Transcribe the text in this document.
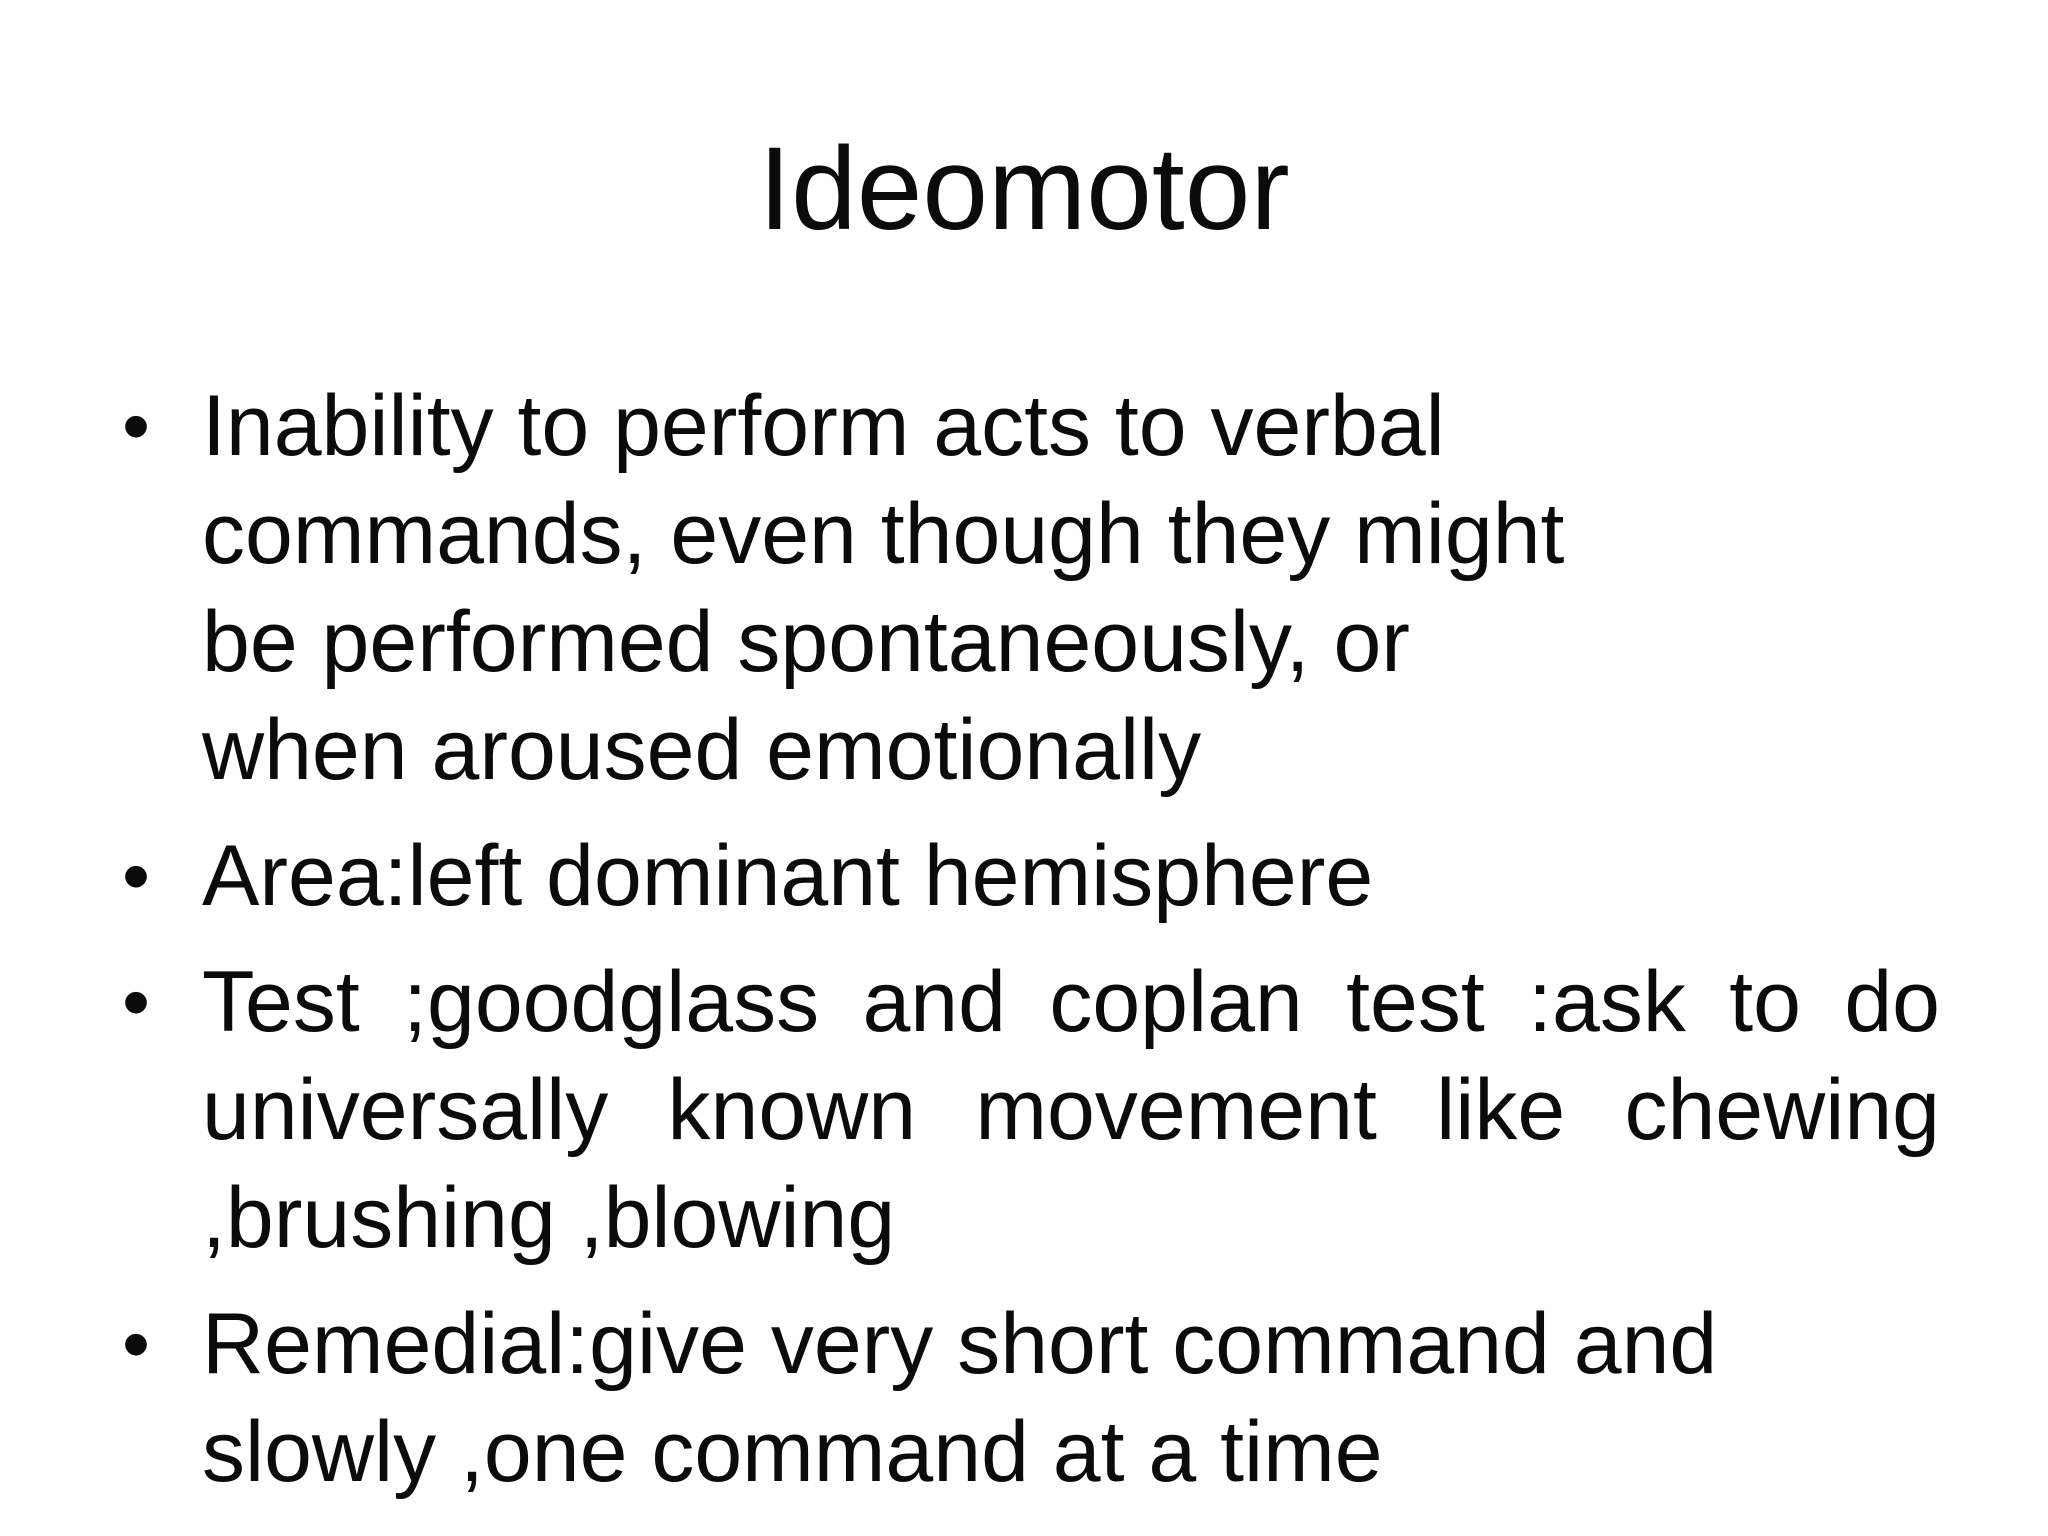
Ideomotor
• Inability to perform acts to verbal commands, even though they might be performed spontaneously, or when aroused emotionally
• Area:left dominant hemisphere
• Test ;goodglass and coplan test :ask to do universally known movement like chewing ,brushing ,blowing
• Remedial:give very short command and slowly ,one command at a time
